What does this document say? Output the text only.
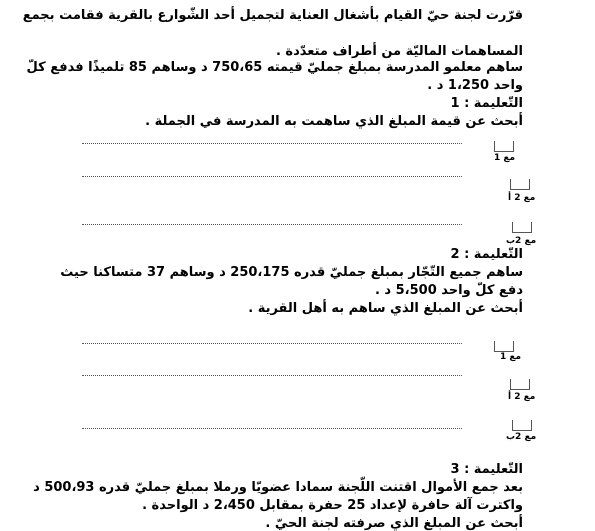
قرّرت لجنة حيّ القيام بأشغال العناية لتجميل أحد الشّوارع بالقرية فقامت بجمع
المساهمات الماليّة من أطراف متعدّدة .
ساهم معلمو المدرسة بمبلغ جمليّ قيمته 750،65 د وساهم 85 تلميذًا فدفع كلّ
واحد 1،250 د .
التّعليمة : 1
أبحث عن قيمة المبلغ الذي ساهمت به المدرسة في الجملة .
مع 1
مع 2 أ
مع 2ب
التّعليمة : 2
ساهم جميع التّجّار بمبلغ جمليّ قدره 250،175 د وساهم 37 متساكنا حيث
دفع كلّ واحد 5،500 د .
أبحث عن المبلغ الذي ساهم به أهل القرية .
مع 1
مع 2 أ
مع 2ب
التّعليمة : 3
بعد جمع الأموال اقتنت اللّجنة سمادا عضويّا ورملا بمبلغ جمليّ قدره 500،93 د
واكترت آلة حافرة لإعداد 25 حفرة بمقابل 2،450 د الواحدة .
أبحث عن المبلغ الذي صرفته لجنة الحيّ .
